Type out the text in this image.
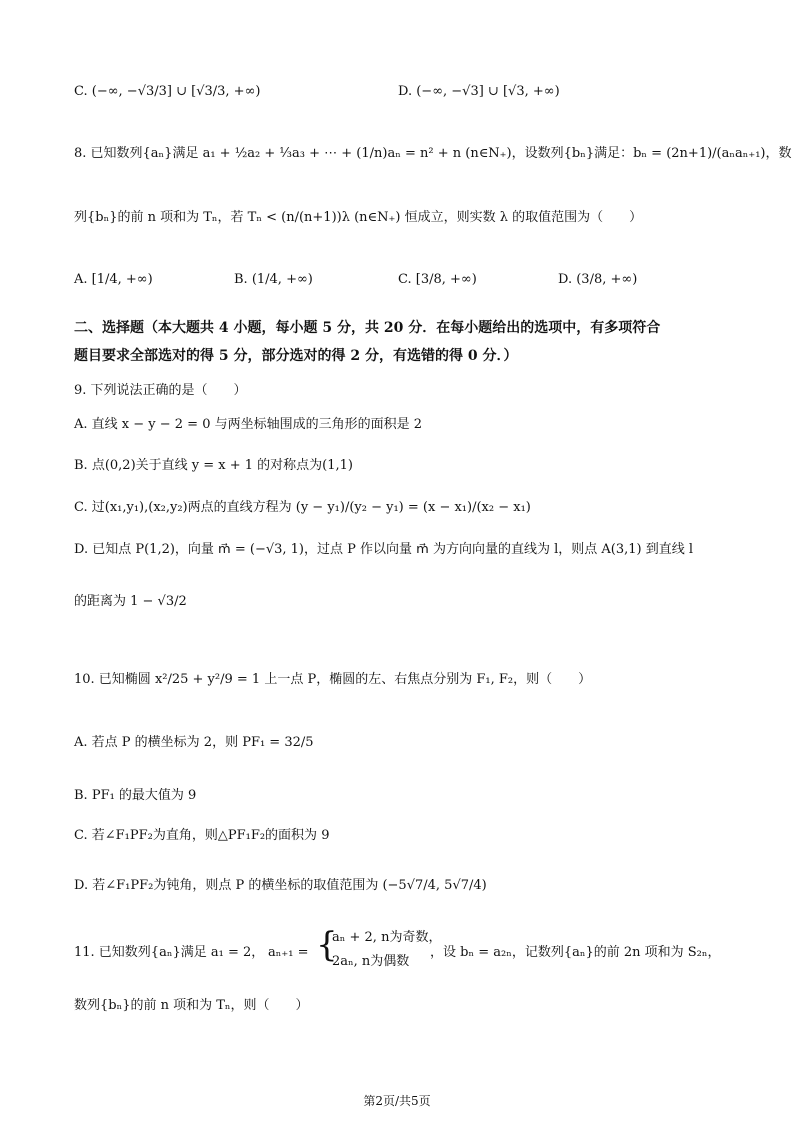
C. (−∞, −√3/3] ∪ [√3/3, +∞)	D. (−∞, −√3] ∪ [√3, +∞)
8. 已知数列{aₙ}满足 a₁ + ½a₂ + ⅓a₃ + ⋯ + (1/n)aₙ = n² + n (n∈N₊)，设数列{bₙ}满足：bₙ = (2n+1)/(aₙaₙ₊₁)，数
列{bₙ}的前 n 项和为 Tₙ，若 Tₙ < (n/(n+1))λ (n∈N₊) 恒成立，则实数 λ 的取值范围为（　　）
A. [1/4, +∞)	B. (1/4, +∞)	C. [3/8, +∞)	D. (3/8, +∞)
二、选择题（本大题共 4 小题，每小题 5 分，共 20 分．在每小题给出的选项中，有多项符合
题目要求全部选对的得 5 分，部分选对的得 2 分，有选错的得 0 分．）
9. 下列说法正确的是（　　）
A. 直线 x − y − 2 = 0 与两坐标轴围成的三角形的面积是 2
B. 点(0,2)关于直线 y = x + 1 的对称点为(1,1)
C. 过(x₁,y₁),(x₂,y₂)两点的直线方程为 (y − y₁)/(y₂ − y₁) = (x − x₁)/(x₂ − x₁)
D. 已知点 P(1,2)，向量 m⃗ = (−√3, 1)，过点 P 作以向量 m⃗ 为方向向量的直线为 l，则点 A(3,1) 到直线 l
的距离为 1 − √3/2
10. 已知椭圆 x²/25 + y²/9 = 1 上一点 P，椭圆的左、右焦点分别为 F₁, F₂，则（　　）
A. 若点 P 的横坐标为 2，则 PF₁ = 32/5
B. PF₁ 的最大值为 9
C. 若∠F₁PF₂为直角，则△PF₁F₂的面积为 9
D. 若∠F₁PF₂为钝角，则点 P 的横坐标的取值范围为 (−5√7/4, 5√7/4)
11. 已知数列{aₙ}满足 a₁ = 2， aₙ₊₁ = {
aₙ + 2, n为奇数，
2aₙ, n为偶数
，设 bₙ = a₂ₙ，记数列{aₙ}的前 2n 项和为 S₂ₙ，
数列{bₙ}的前 n 项和为 Tₙ，则（　　）
第2页/共5页
